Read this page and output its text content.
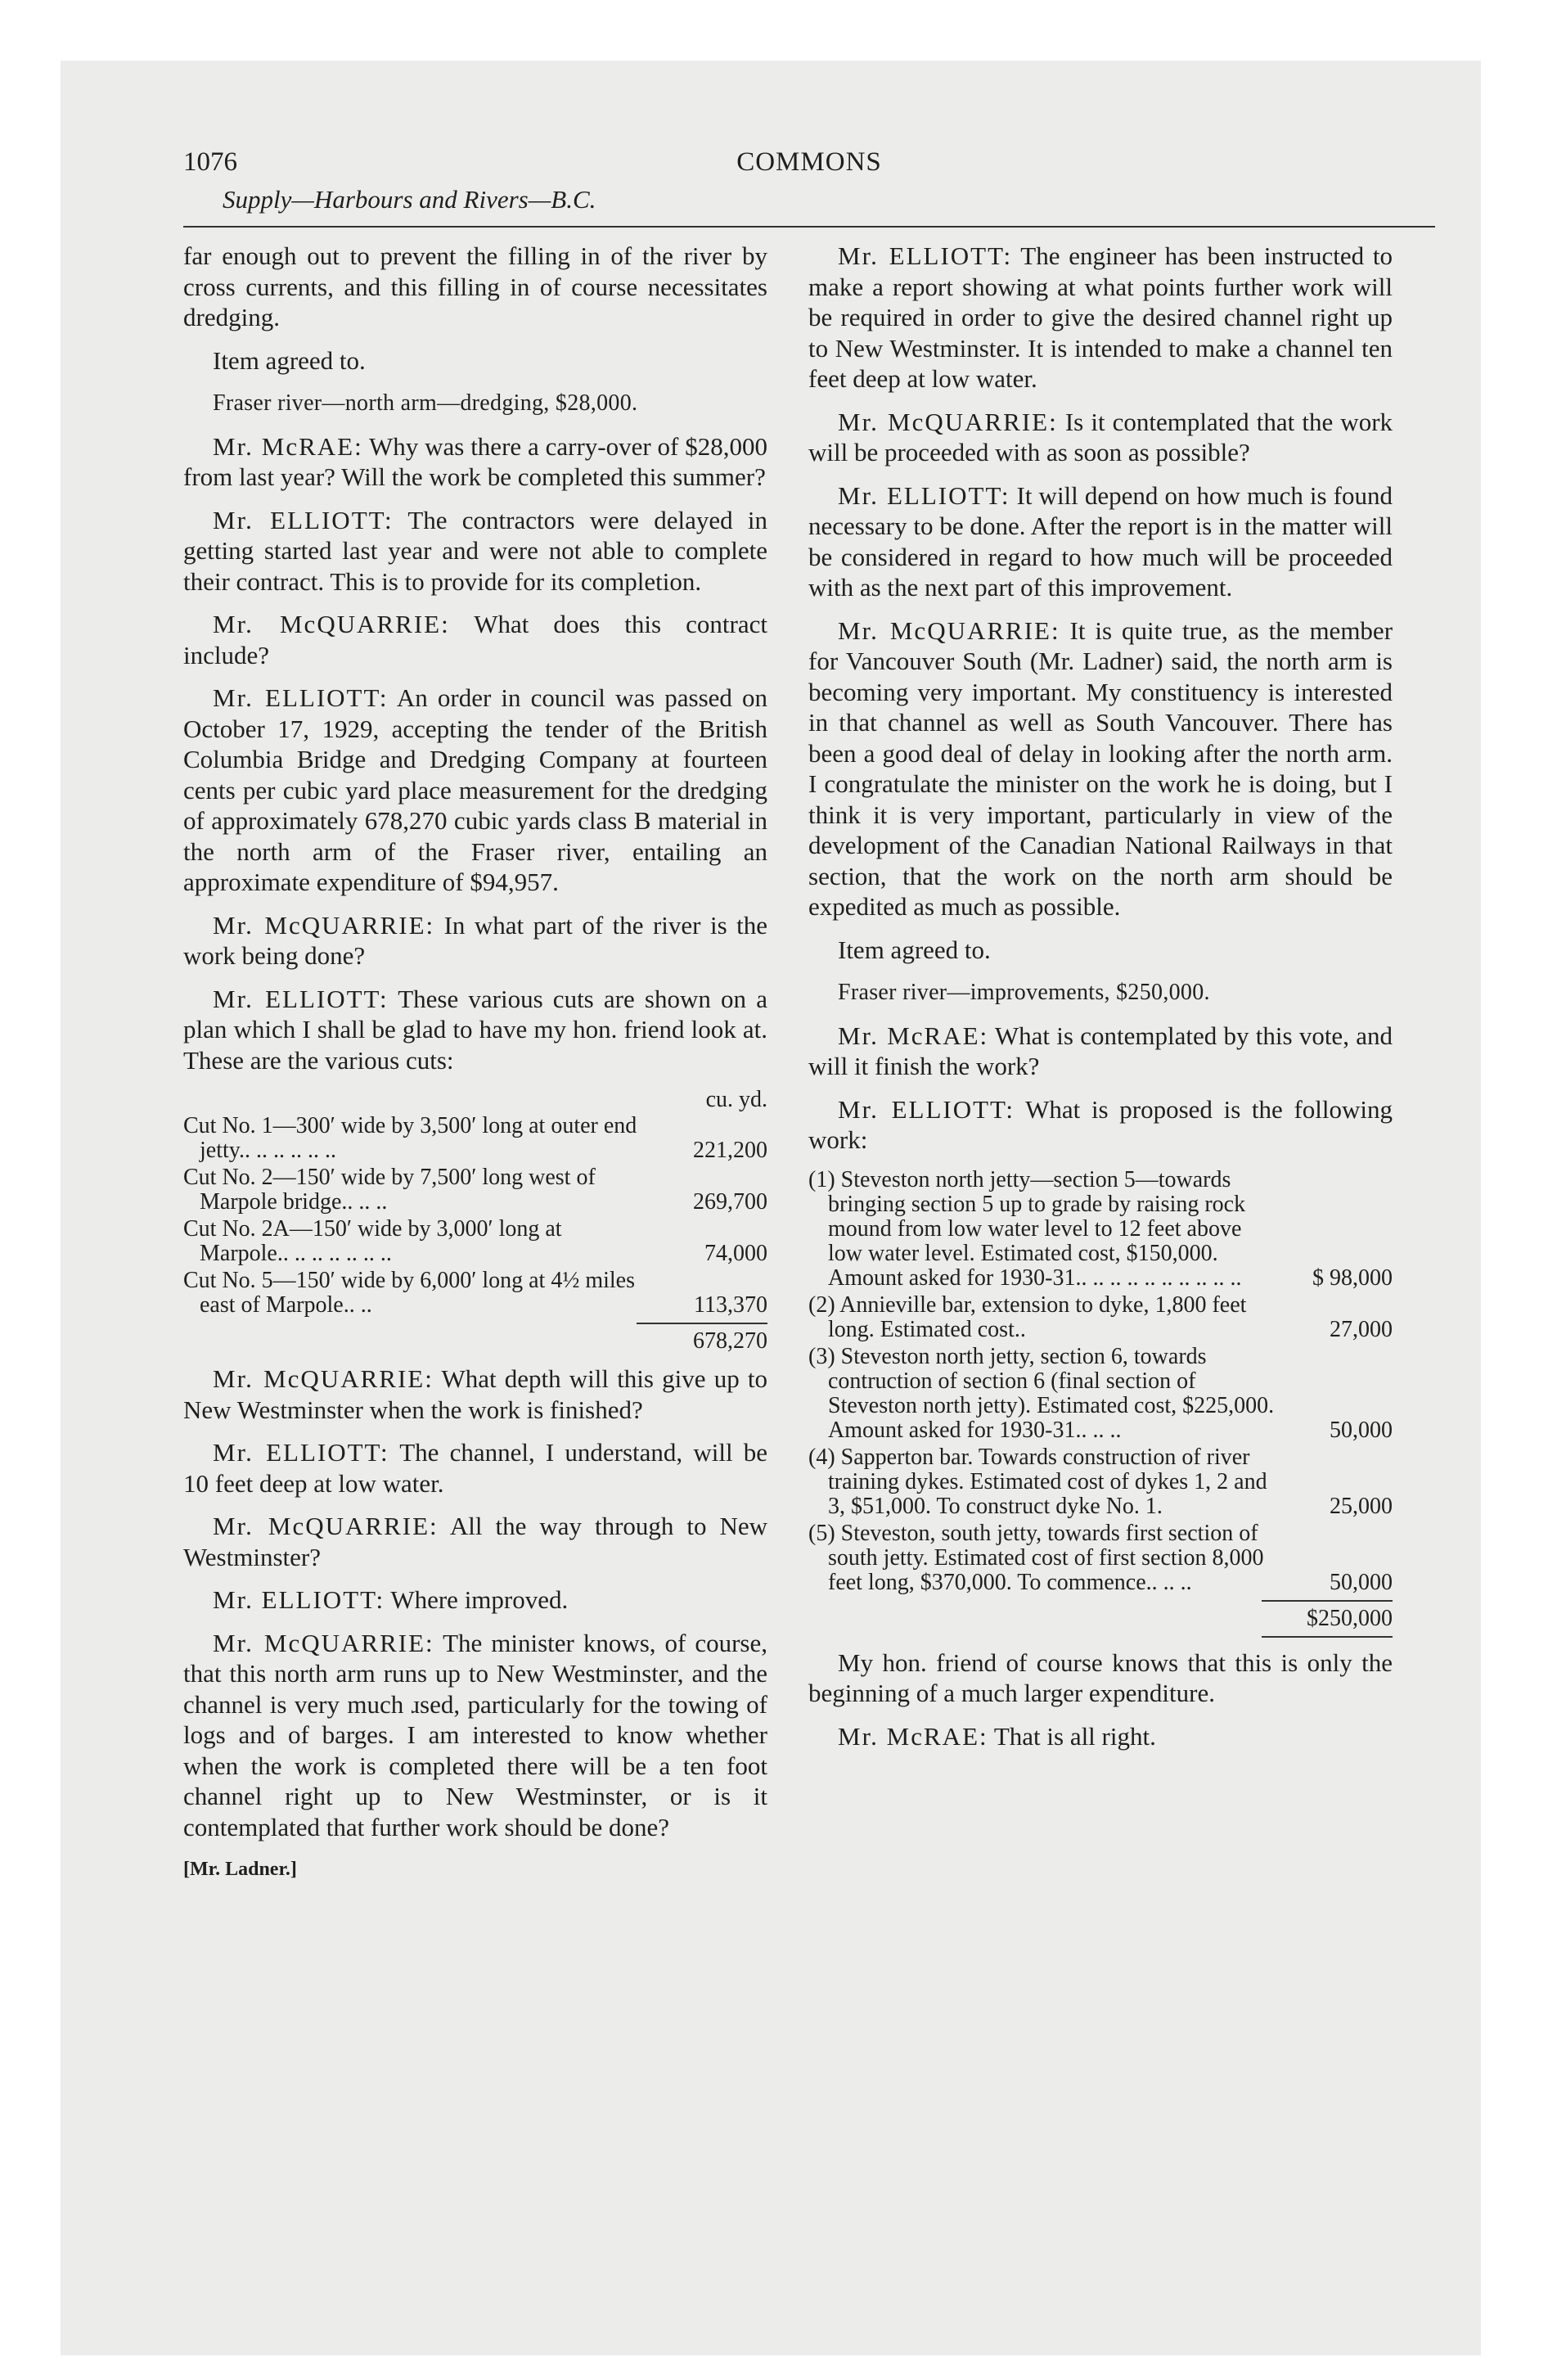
1076	COMMONS
Supply—Harbours and Rivers—B.C.

far enough out to prevent the filling in of the river by cross currents, and this filling in of course necessitates dredging.

Item agreed to.

Fraser river—north arm—dredging, $28,000.

Mr. McRAE: Why was there a carry-over of $28,000 from last year? Will the work be completed this summer?

Mr. ELLIOTT: The contractors were delayed in getting started last year and were not able to complete their contract. This is to provide for its completion.

Mr. McQUARRIE: What does this contract include?

Mr. ELLIOTT: An order in council was passed on October 17, 1929, accepting the tender of the British Columbia Bridge and Dredging Company at fourteen cents per cubic yard place measurement for the dredging of approximately 678,270 cubic yards class B material in the north arm of the Fraser river, entailing an approximate expenditure of $94,957.

Mr. McQUARRIE: In what part of the river is the work being done?

Mr. ELLIOTT: These various cuts are shown on a plan which I shall be glad to have my hon. friend look at. These are the various cuts:

cu. yd.
Cut No. 1—300′ wide by 3,500′ long at outer end jetty.. .. .. .. .. ..	221,200
Cut No. 2—150′ wide by 7,500′ long west of Marpole bridge.. .. ..	269,700
Cut No. 2A—150′ wide by 3,000′ long at Marpole.. .. .. .. .. .. ..	74,000
Cut No. 5—150′ wide by 6,000′ long at 4½ miles east of Marpole.. ..	113,370
678,270

Mr. McQUARRIE: What depth will this give up to New Westminster when the work is finished?

Mr. ELLIOTT: The channel, I understand, will be 10 feet deep at low water.

Mr. McQUARRIE: All the way through to New Westminster?

Mr. ELLIOTT: Where improved.

Mr. McQUARRIE: The minister knows, of course, that this north arm runs up to New Westminster, and the channel is very much ɹsed, particularly for the towing of logs and of barges. I am interested to know whether when the work is completed there will be a ten foot channel right up to New Westminster, or is it contemplated that further work should be done?

[Mr. Ladner.]

Mr. ELLIOTT: The engineer has been instructed to make a report showing at what points further work will be required in order to give the desired channel right up to New Westminster. It is intended to make a channel ten feet deep at low water.

Mr. McQUARRIE: Is it contemplated that the work will be proceeded with as soon as possible?

Mr. ELLIOTT: It will depend on how much is found necessary to be done. After the report is in the matter will be considered in regard to how much will be proceeded with as the next part of this improvement.

Mr. McQUARRIE: It is quite true, as the member for Vancouver South (Mr. Ladner) said, the north arm is becoming very important. My constituency is interested in that channel as well as South Vancouver. There has been a good deal of delay in looking after the north arm. I congratulate the minister on the work he is doing, but I think it is very important, particularly in view of the development of the Canadian National Railways in that section, that the work on the north arm should be expedited as much as possible.

Item agreed to.

Fraser river—improvements, $250,000.

Mr. McRAE: What is contemplated by this vote, and will it finish the work?

Mr. ELLIOTT: What is proposed is the following work:

(1) Steveston north jetty—section 5—towards bringing section 5 up to grade by raising rock mound from low water level to 12 feet above low water level. Estimated cost, $150,000. Amount asked for 1930-31.. .. .. .. .. .. .. .. .. ..	$ 98,000
(2) Annieville bar, extension to dyke, 1,800 feet long. Estimated cost..	27,000
(3) Steveston north jetty, section 6, towards contruction of section 6 (final section of Steveston north jetty). Estimated cost, $225,000. Amount asked for 1930-31.. .. ..	50,000
(4) Sapperton bar. Towards construction of river training dykes. Estimated cost of dykes 1, 2 and 3, $51,000. To construct dyke No. 1.	25,000
(5) Steveston, south jetty, towards first section of south jetty. Estimated cost of first section 8,000 feet long, $370,000. To commence.. .. ..	50,000
$250,000

My hon. friend of course knows that this is only the beginning of a much larger expenditure.

Mr. McRAE: That is all right.
